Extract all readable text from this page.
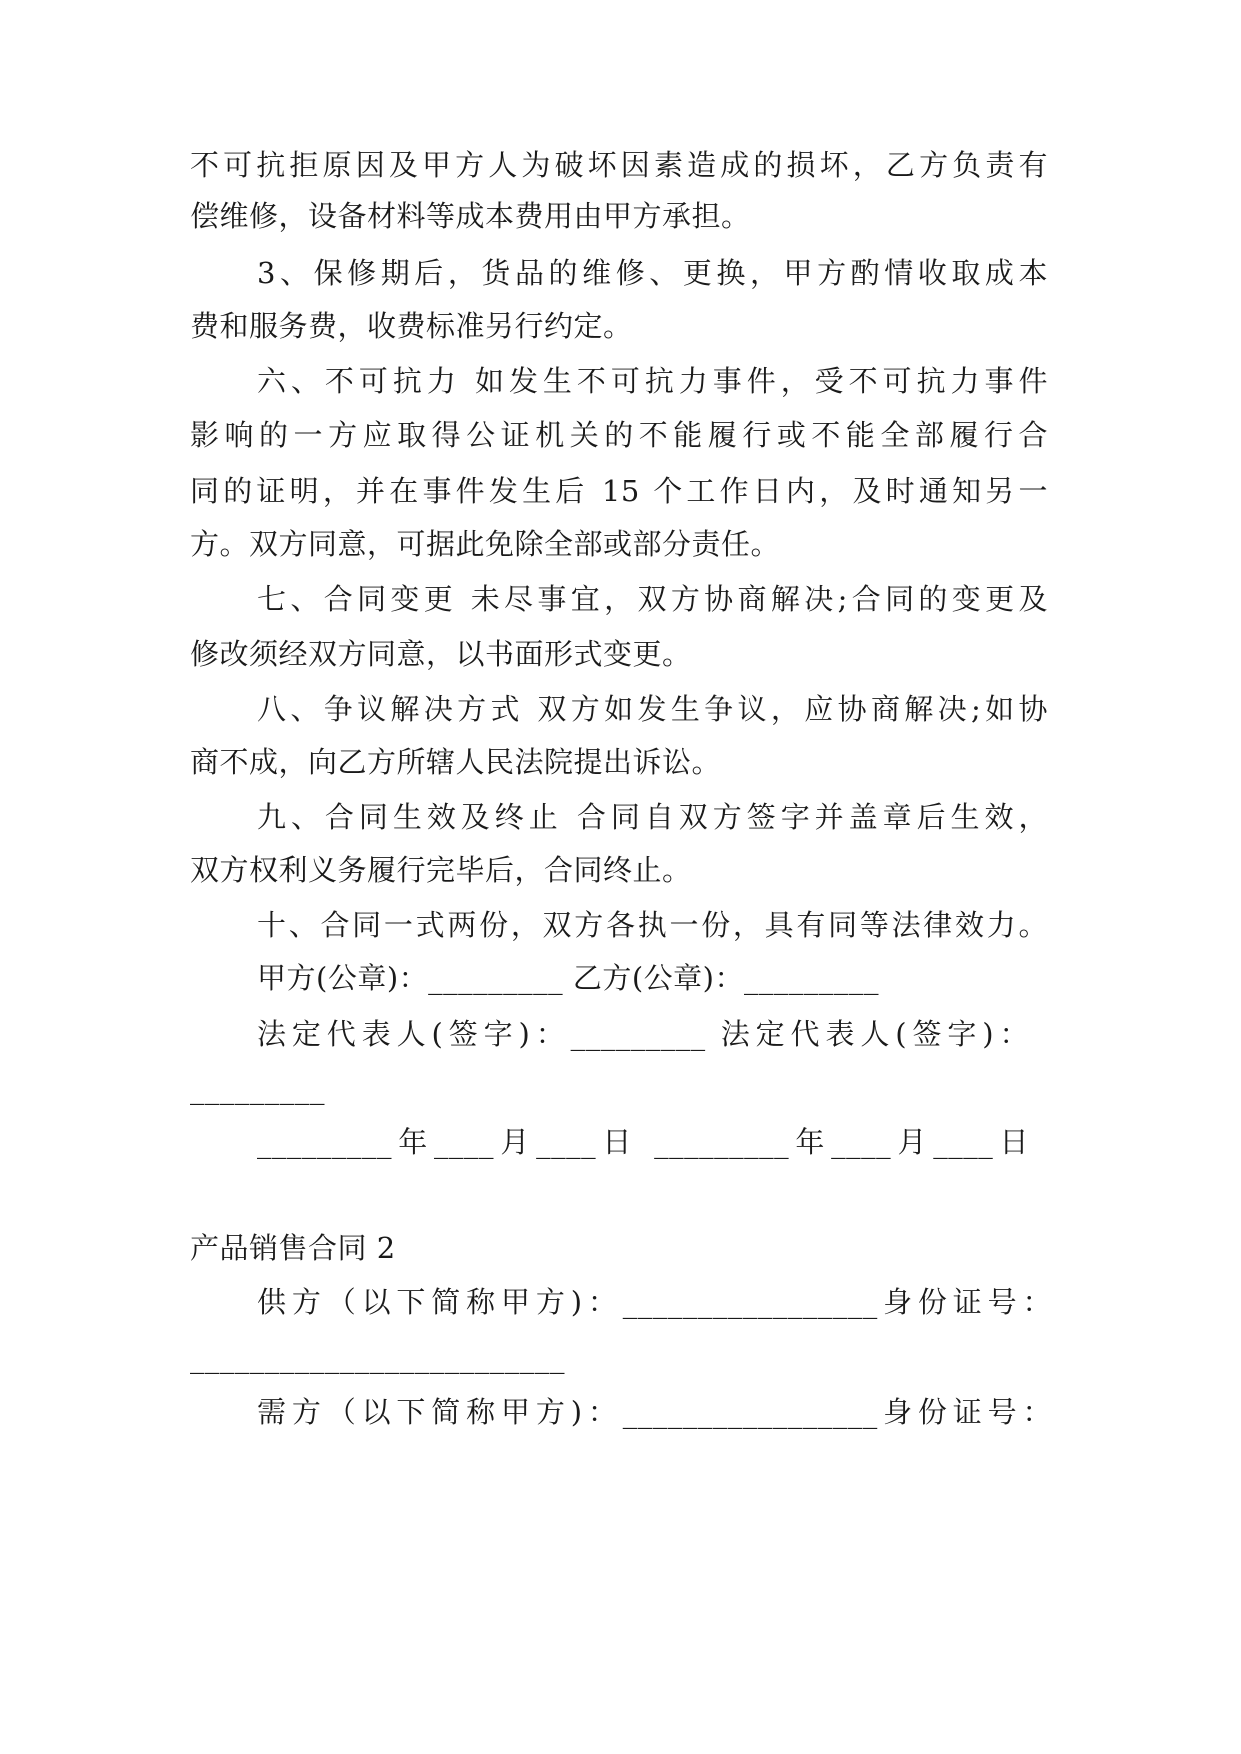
不可抗拒原因及甲方人为破坏因素造成的损坏，乙方负责有
偿维修，设备材料等成本费用由甲方承担。
3、保修期后，货品的维修、更换，甲方酌情收取成本
费和服务费，收费标准另行约定。
六、不可抗力 如发生不可抗力事件，受不可抗力事件
影响的一方应取得公证机关的不能履行或不能全部履行合
同的证明，并在事件发生后 15 个工作日内，及时通知另一
方。双方同意，可据此免除全部或部分责任。
七、合同变更 未尽事宜，双方协商解决;合同的变更及
修改须经双方同意，以书面形式变更。
八、争议解决方式 双方如发生争议，应协商解决;如协
商不成，向乙方所辖人民法院提出诉讼。
九、合同生效及终止 合同自双方签字并盖章后生效，
双方权利义务履行完毕后，合同终止。
十、合同一式两份，双方各执一份，具有同等法律效力。
甲方(公章)：_________ 乙方(公章)：_________
法定代表人(签字)：_________ 法定代表人(签字)：
_________
_________年____月____日 _________年____月____日
产品销售合同 2
供方（以下简称甲方)：_________________身份证号：
_________________________
需方（以下简称甲方)：_________________身份证号：
